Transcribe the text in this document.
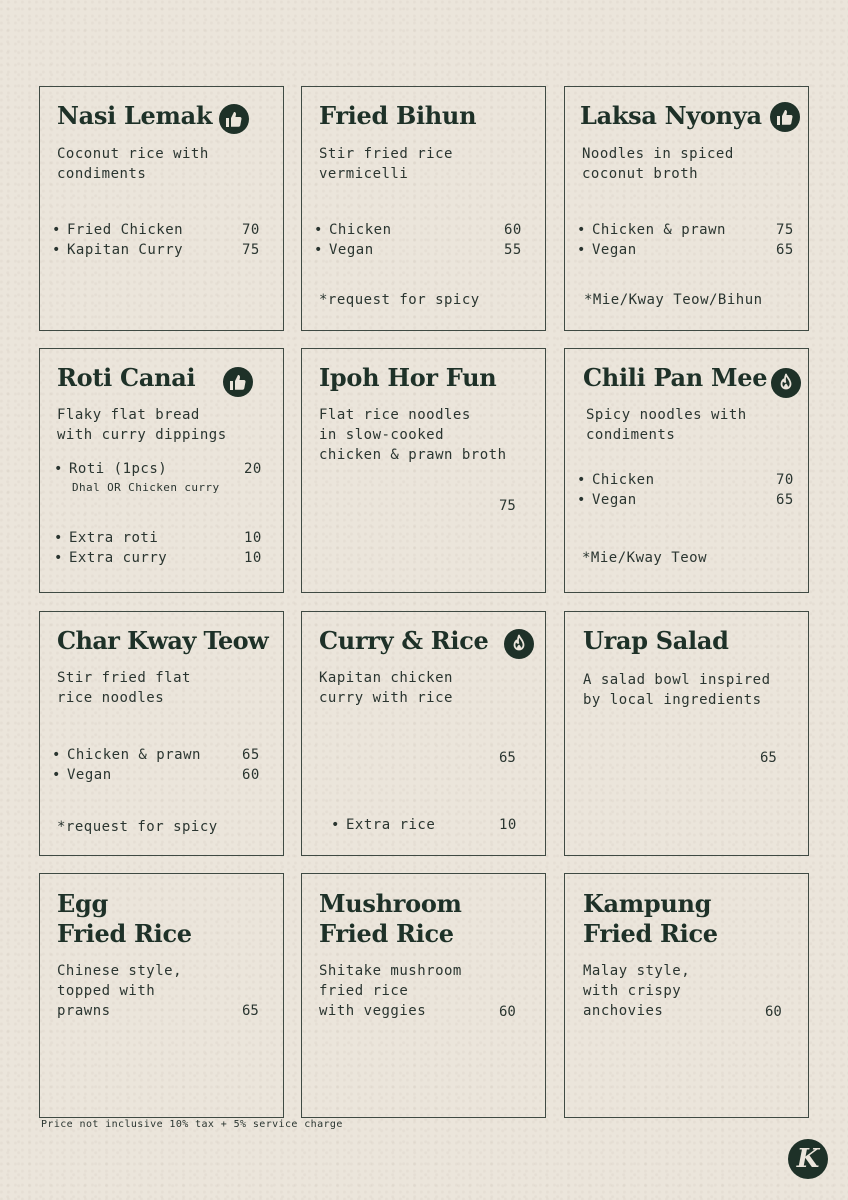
Nasi Lemak
Coconut rice with
condiments
• Fried Chicken	70
• Kapitan Curry	75
Fried Bihun
Stir fried rice
vermicelli
• Chicken	60
• Vegan	55
*request for spicy
Laksa Nyonya
Noodles in spiced
coconut broth
• Chicken & prawn	75
• Vegan	65
*Mie/Kway Teow/Bihun
Roti Canai
Flaky flat bread
with curry dippings
• Roti (1pcs)	20
Dhal OR Chicken curry
• Extra roti	10
• Extra curry	10
Ipoh Hor Fun
Flat rice noodles
in slow-cooked
chicken & prawn broth
75
Chili Pan Mee
Spicy noodles with
condiments
• Chicken	70
• Vegan	65
*Mie/Kway Teow
Char Kway Teow
Stir fried flat
rice noodles
• Chicken & prawn	65
• Vegan	60
*request for spicy
Curry & Rice
Kapitan chicken
curry with rice
65
• Extra rice	10
Urap Salad
A salad bowl inspired
by local ingredients
65
Egg
Fried Rice
Chinese style,
topped with
prawns	65
Mushroom
Fried Rice
Shitake mushroom
fried rice
with veggies	60
Kampung
Fried Rice
Malay style,
with crispy
anchovies	60
Price not inclusive 10% tax + 5% service charge
K
